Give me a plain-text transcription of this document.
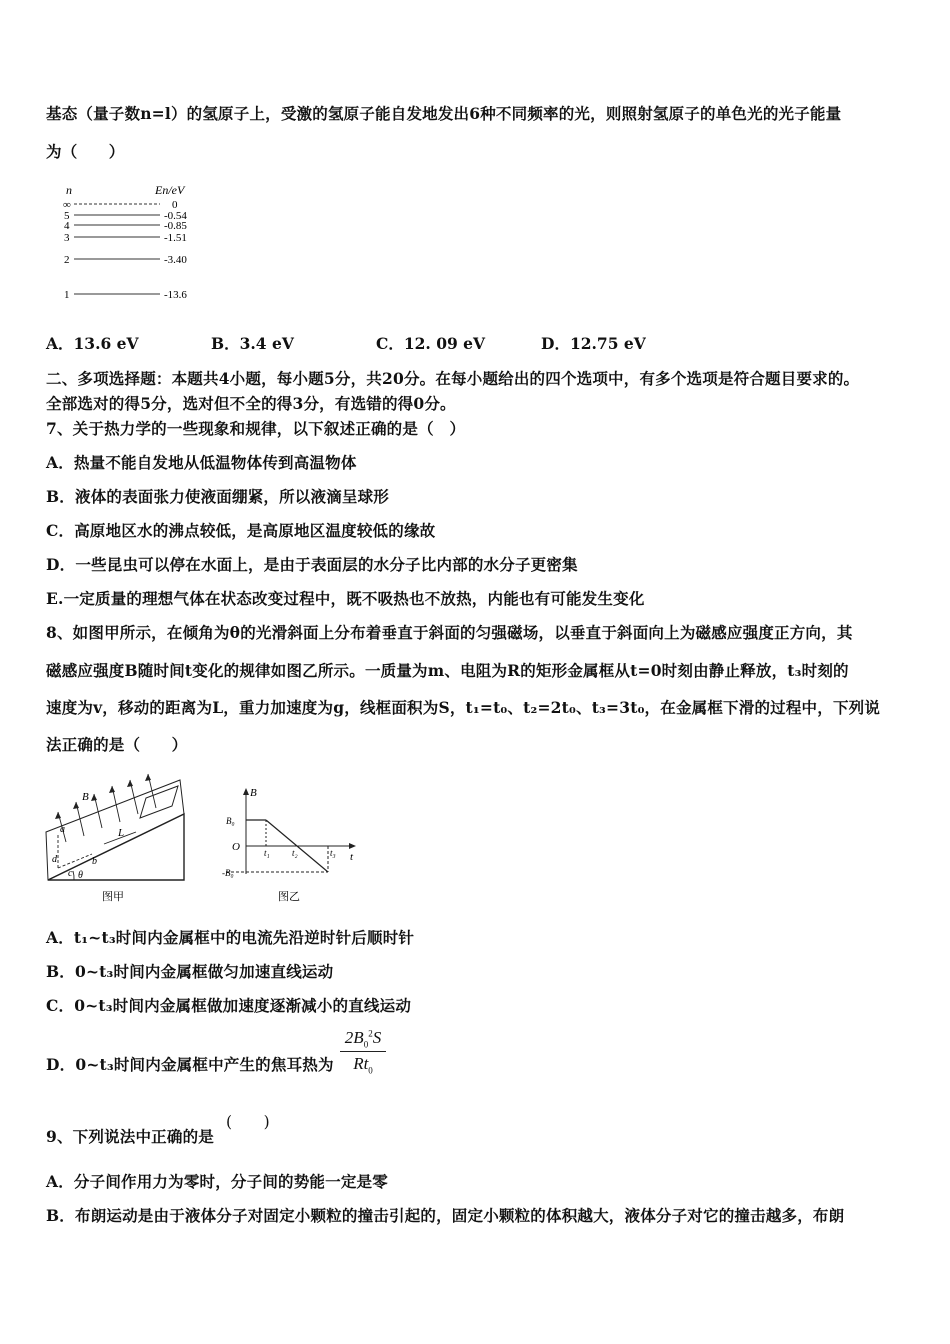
基态（量子数n=l）的氢原子上，受激的氢原子能自发地发出6种不同频率的光，则照射氢原子的单色光的光子能量
为（　　）
n	En/eV
∞
5
4
3
2
1
0
-0.54
-0.85
-1.51
-3.40
-13.6
A．13.6 eV	B．3.4 eV	C．12. 09 eV	D．12.75 eV
二、多项选择题：本题共4小题，每小题5分，共20分。在每小题给出的四个选项中，有多个选项是符合题目要求的。
全部选对的得5分，选对但不全的得3分，有选错的得0分。
7、关于热力学的一些现象和规律，以下叙述正确的是（　）
A．热量不能自发地从低温物体传到高温物体
B．液体的表面张力使液面绷紧，所以液滴呈球形
C．高原地区水的沸点较低，是高原地区温度较低的缘故
D．一些昆虫可以停在水面上，是由于表面层的水分子比内部的水分子更密集
E.一定质量的理想气体在状态改变过程中，既不吸热也不放热，内能也有可能发生变化
8、如图甲所示，在倾角为θ的光滑斜面上分布着垂直于斜面的匀强磁场，以垂直于斜面向上为磁感应强度正方向，其
磁感应强度B随时间t变化的规律如图乙所示。一质量为m、电阻为R的矩形金属框从t=0时刻由静止释放，t₃时刻的
速度为v，移动的距离为L，重力加速度为g，线框面积为S，t₁=t₀、t₂=2t₀、t₃=3t₀，在金属框下滑的过程中，下列说
法正确的是（　　）
B
L
a
b
c
d
θ
图甲
B
t
O
B₀
-B₀
t₁ t₂	t₃
图乙
A．t₁~t₃时间内金属框中的电流先沿逆时针后顺时针
B．0~t₃时间内金属框做匀加速直线运动
C．0~t₃时间内金属框做加速度逐渐减小的直线运动
D．0~t₃时间内金属框中产生的焦耳热为 $\frac{2B_0^2S}{Rt_0}$
9、下列说法中正确的是
(　　)
A．分子间作用力为零时，分子间的势能一定是零
B．布朗运动是由于液体分子对固定小颗粒的撞击引起的，固定小颗粒的体积越大，液体分子对它的撞击越多，布朗
